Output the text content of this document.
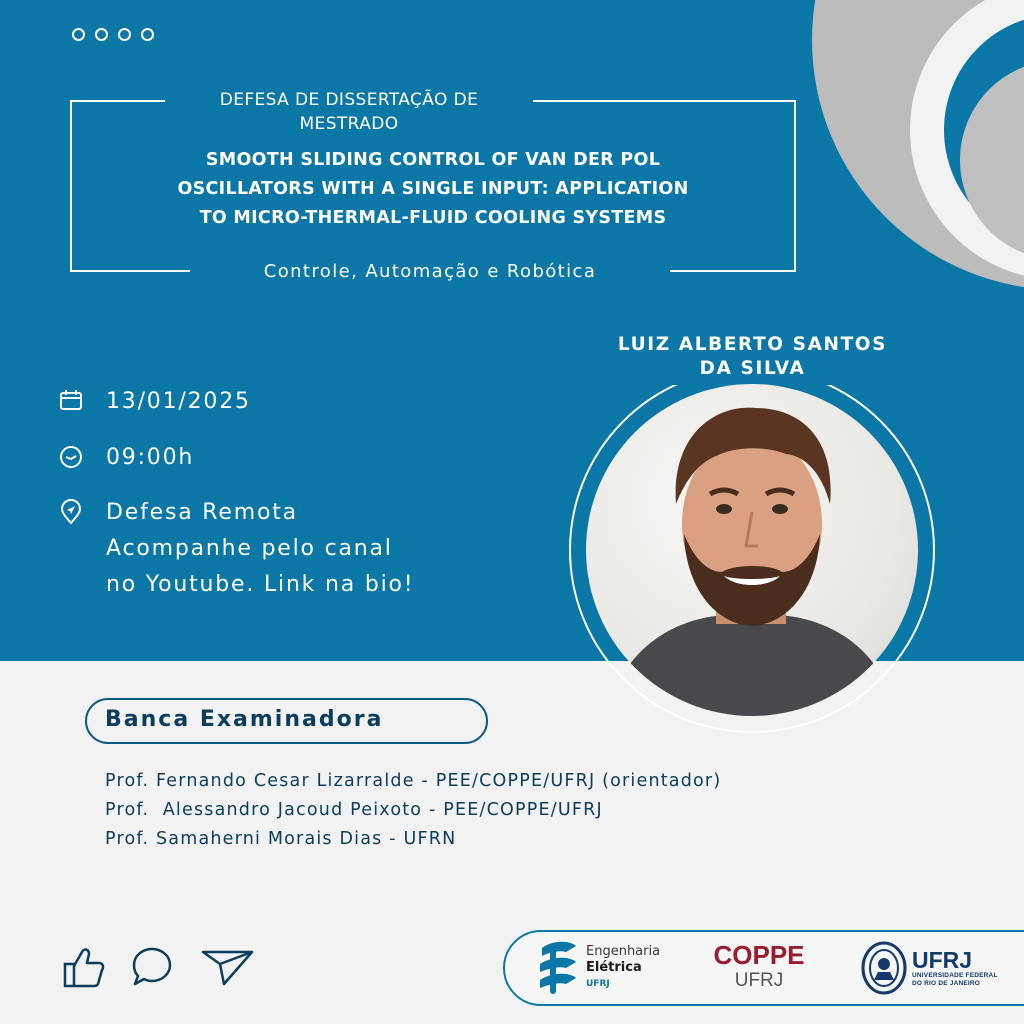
DEFESA DE DISSERTAÇÃO DE MESTRADO
SMOOTH SLIDING CONTROL OF VAN DER POL
OSCILLATORS WITH A SINGLE INPUT: APPLICATION
TO MICRO-THERMAL-FLUID COOLING SYSTEMS
Controle, Automação e Robótica
13/01/2025
09:00h
Defesa Remota
Acompanhe pelo canal
no Youtube. Link na bio!
LUIZ ALBERTO SANTOS
DA SILVA
Banca Examinadora
Prof. Fernando Cesar Lizarralde - PEE/COPPE/UFRJ (orientador)
Prof.  Alessandro Jacoud Peixoto - PEE/COPPE/UFRJ
Prof. Samaherni Morais Dias - UFRN
Engenharia
Elétrica
UFRJ
COPPE
UFRJ
UFRJ
UNIVERSIDADE FEDERAL
DO RIO DE JANEIRO
